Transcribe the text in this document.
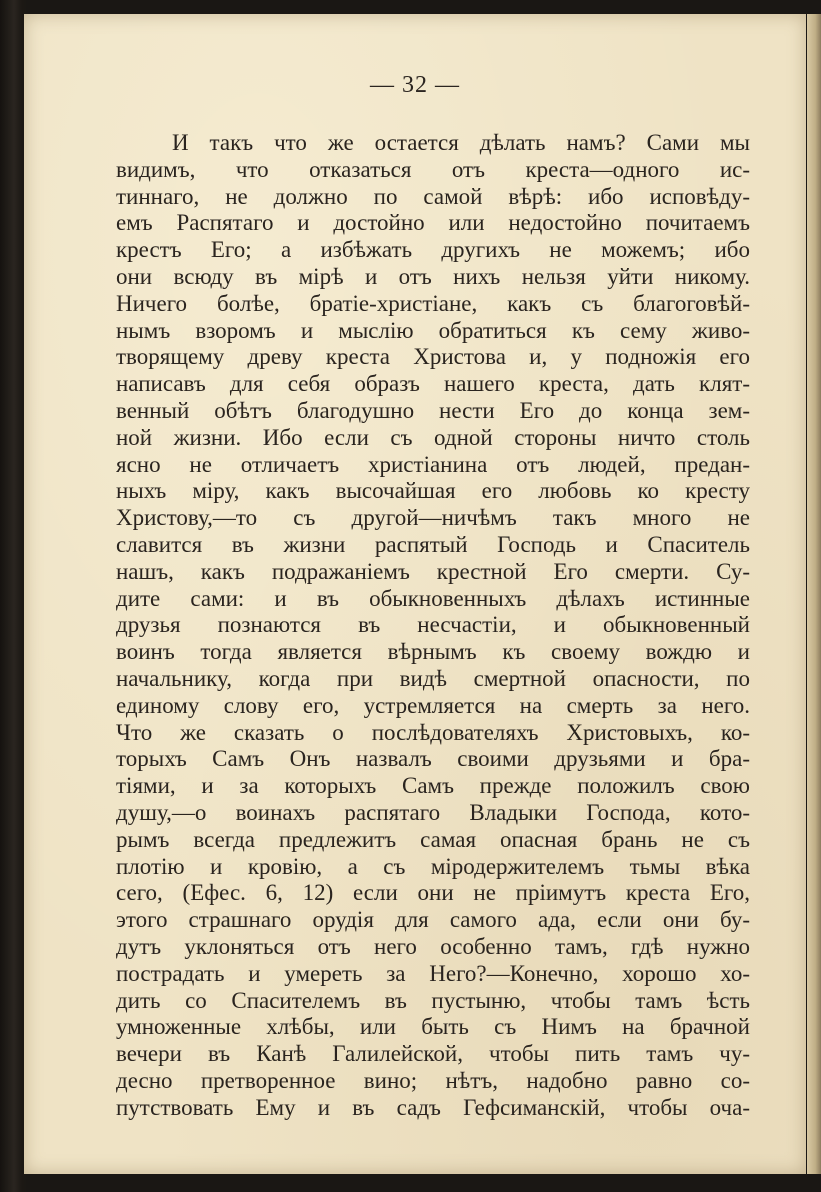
— 32 —
И такъ что же остается дѣлать намъ? Сами мы
видимъ, что отказаться отъ креста—одного ис-
тиннаго, не должно по самой вѣрѣ: ибо исповѣду-
емъ Распятаго и достойно или недостойно почитаемъ
крестъ Его; а избѣжать другихъ не можемъ; ибо
они всюду въ мірѣ и отъ нихъ нельзя уйти никому.
Ничего болѣе, братіе-христіане, какъ съ благоговѣй-
нымъ взоромъ и мыслію обратиться къ сему живо-
творящему древу креста Христова и, у подножія его
написавъ для себя образъ нашего креста, дать клят-
венный обѣтъ благодушно нести Его до конца зем-
ной жизни. Ибо если съ одной стороны ничто столь
ясно не отличаетъ христіанина отъ людей, предан-
ныхъ міру, какъ высочайшая его любовь ко кресту
Христову,—то съ другой—ничѣмъ такъ много не
славится въ жизни распятый Господь и Спаситель
нашъ, какъ подражаніемъ крестной Его смерти. Су-
дите сами: и въ обыкновенныхъ дѣлахъ истинные
друзья познаются въ несчастіи, и обыкновенный
воинъ тогда является вѣрнымъ къ своему вождю и
начальнику, когда при видѣ смертной опасности, по
единому слову его, устремляется на смерть за него.
Что же сказать о послѣдователяхъ Христовыхъ, ко-
торыхъ Самъ Онъ назвалъ своими друзьями и бра-
тіями, и за которыхъ Самъ прежде положилъ свою
душу,—о воинахъ распятаго Владыки Господа, кото-
рымъ всегда предлежитъ самая опасная брань не съ
плотію и кровію, а съ міродержителемъ тьмы вѣка
сего, (Ефес. 6, 12) если они не пріимутъ креста Его,
этого страшнаго орудія для самого ада, если они бу-
дутъ уклоняться отъ него особенно тамъ, гдѣ нужно
пострадать и умереть за Него?—Конечно, хорошо хо-
дить со Спасителемъ въ пустыню, чтобы тамъ ѣсть
умноженные хлѣбы, или быть съ Нимъ на брачной
вечери въ Канѣ Галилейской, чтобы пить тамъ чу-
десно претворенное вино; нѣтъ, надобно равно со-
путствовать Ему и въ садъ Гефсиманскій, чтобы оча-
